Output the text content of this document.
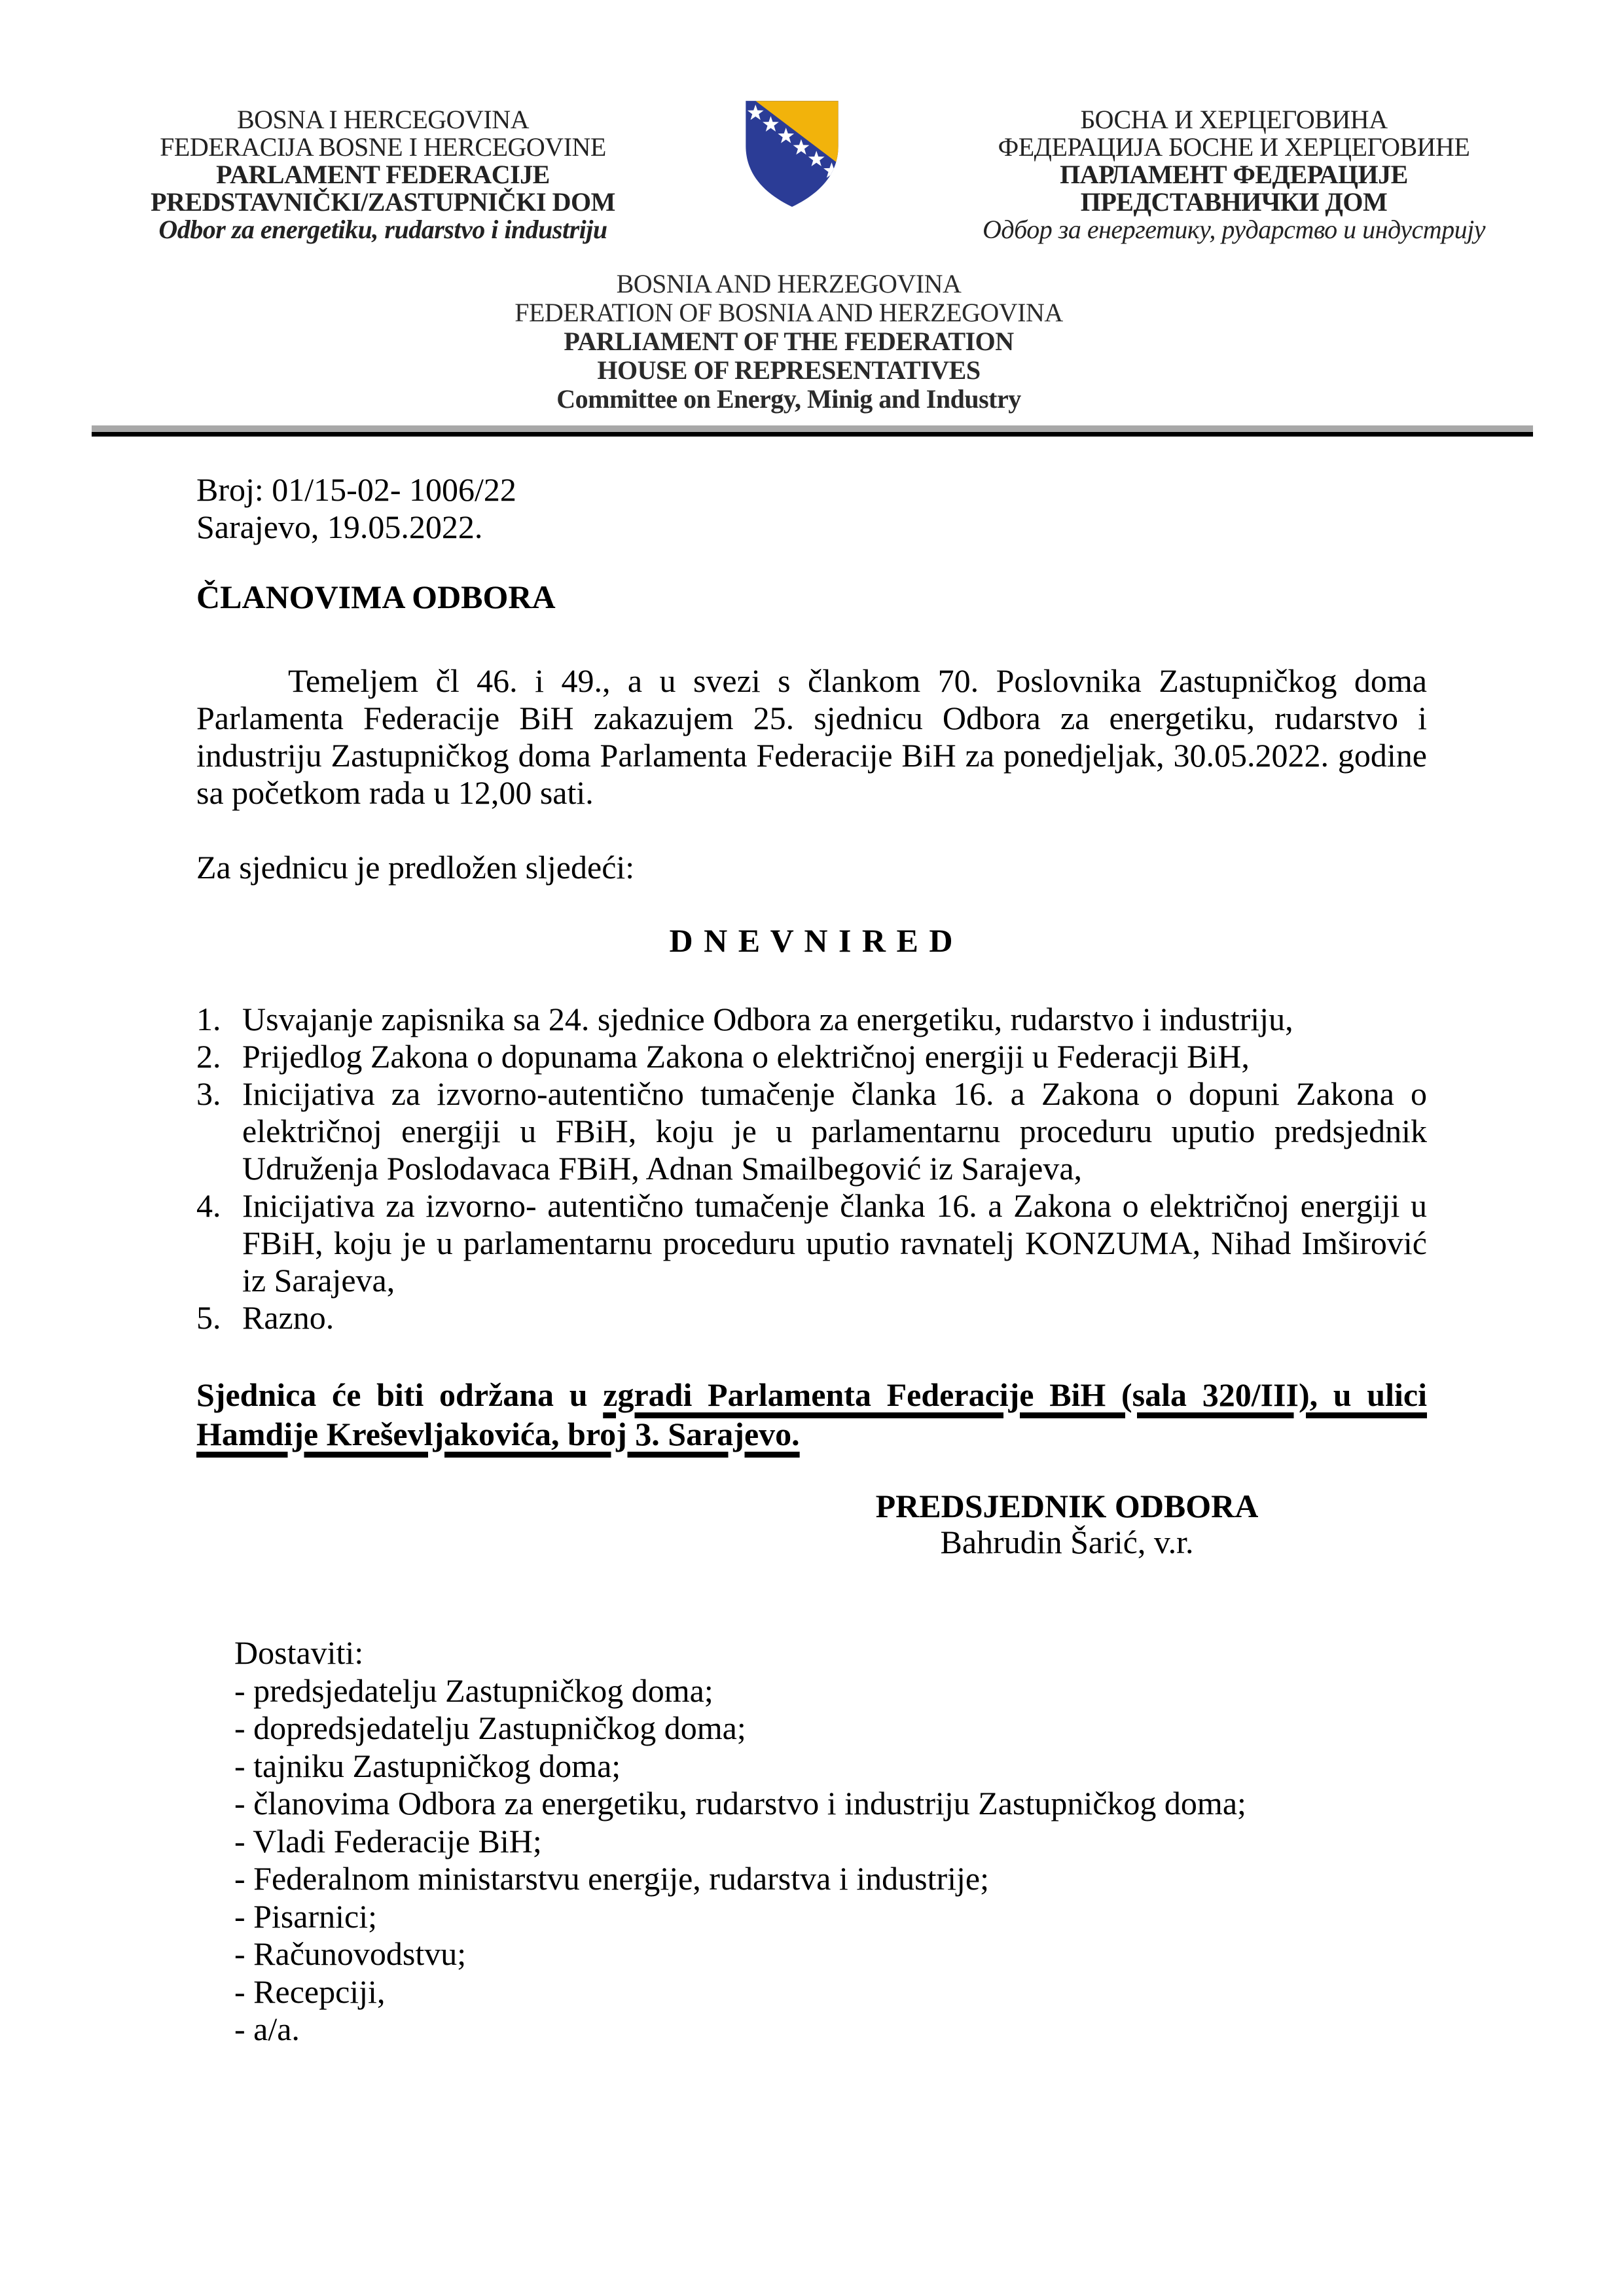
BOSNA I HERCEGOVINA
FEDERACIJA BOSNE I HERCEGOVINE
PARLAMENT FEDERACIJE
PREDSTAVNIČKI/ZASTUPNIČKI DOM
Odbor za energetiku, rudarstvo i industriju
БОСНА И ХЕРЦЕГОВИНА
ФЕДЕРАЦИЈА БОСНЕ И ХЕРЦЕГОВИНЕ
ПАРЛАМЕНТ ФЕДЕРАЦИЈЕ
ПРЕДСТАВНИЧКИ ДОМ
Одбор за енергетику, рударство и индустрију
BOSNIA AND HERZEGOVINA
FEDERATION OF BOSNIA AND HERZEGOVINA
PARLIAMENT OF THE FEDERATION
HOUSE OF REPRESENTATIVES
Committee on Energy, Minig and Industry
Broj: 01/15-02- 1006/22
Sarajevo, 19.05.2022.
ČLANOVIMA ODBORA
Temeljem čl 46. i 49., a u svezi s člankom 70. Poslovnika Zastupničkog doma Parlamenta Federacije BiH zakazujem 25. sjednicu Odbora za energetiku, rudarstvo i industriju Zastupničkog doma Parlamenta Federacije BiH za ponedjeljak, 30.05.2022. godine sa početkom rada u 12,00 sati.
Za sjednicu je predložen sljedeći:
D N E V N I R E D
1. Usvajanje zapisnika sa 24. sjednice Odbora za energetiku, rudarstvo i industriju,
2. Prijedlog Zakona o dopunama Zakona o električnoj energiji u Federacji BiH,
3. Inicijativa za izvorno-autentično tumačenje članka 16. a Zakona o dopuni Zakona o električnoj energiji u FBiH, koju je u parlamentarnu proceduru uputio predsjednik Udruženja Poslodavaca FBiH, Adnan Smailbegović iz Sarajeva,
4. Inicijativa za izvorno- autentično tumačenje članka 16. a Zakona o električnoj energiji u FBiH, koju je u parlamentarnu proceduru uputio ravnatelj KONZUMA, Nihad Imširović iz Sarajeva,
5. Razno.
Sjednica će biti održana u zgradi Parlamenta Federacije BiH (sala 320/III), u ulici
Hamdije Kreševljakovića, broj 3. Sarajevo.
PREDSJEDNIK ODBORA
Bahrudin Šarić, v.r.
Dostaviti:
- predsjedatelju Zastupničkog doma;
- dopredsjedatelju Zastupničkog doma;
- tajniku Zastupničkog doma;
- članovima Odbora za energetiku, rudarstvo i industriju Zastupničkog doma;
- Vladi Federacije BiH;
- Federalnom ministarstvu energije, rudarstva i industrije;
- Pisarnici;
- Računovodstvu;
- Recepciji,
- a/a.
